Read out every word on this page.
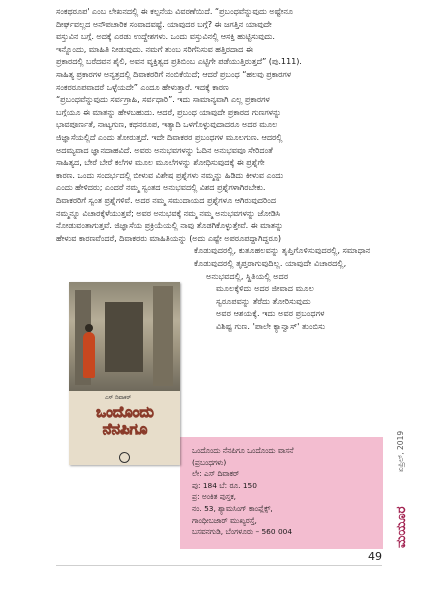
ಸಂಕಥರೂಪ' ಎಂಬ ಲೇಖನದಲ್ಲಿ ಈ ಕಲ್ಪನೆಯ ವಿವರಣೆಯಿದೆ. “ಪ್ರಬಂಧವೆನ್ನುವುದು ಅಷ್ಟೇನೂ
ದೀರ್ಘವಲ್ಲದ ಅನೌಪಚಾರಿಕ ಸಂವಾದವಷ್ಟೆ. ಯಾವುದರ ಬಗ್ಗೆ? ಈ ಜಗತ್ತಿನ ಯಾವುದೇ
ವಸ್ತುವಿನ ಬಗ್ಗೆ. ಅದಕ್ಕೆ ಎರಡು ಉದ್ದೇಶಗಳು. ಒಂದು ವಸ್ತುವಿನಲ್ಲಿ ಆಸಕ್ತಿ ಹುಟ್ಟಿಸುವುದು.
ಇನ್ನೊಂದು, ಮಾಹಿತಿ ನೀಡುವುದು. ನಮಗೆ ತುಂಬ ಸರಿಗೆನಿಸುವ ಹತ್ತಿರದಾದ ಈ
ಪ್ರಕಾರದಲ್ಲಿ ಬರೆದವನ ಶೈಲಿ, ಅವನ ವ್ಯಕ್ತಿತ್ವದ ಪ್ರತಿಬಿಂಬ ಎಟ್ಟಿಗೇ ಪಡೆಯುತ್ತಿರುತ್ತದೆ” (ಪು.111).
ಸಾಹಿತ್ಯ ಪ್ರಕಾರಗಳ ಅನ್ಯತ್ರದಲ್ಲಿ ದಿವಾಕರರಿಗೆ ನಂಬಿಕೆಯಿದೆ; ಆದರೆ ಪ್ರಬಂಧ “ಹಲವು ಪ್ರಕಾರಗಳ
ಸಂಕರರೂಪವಾದರೆ ಒಳ್ಳೆಯದೇ” ಎಂದೂ ಹೇಳುತ್ತಾರೆ. ಇದಕ್ಕೆ ಕಾರಣ
“ಪ್ರಬಂಧವೆನ್ನುವುದು ಸರ್ವಗ್ರಾಹಿ, ಸರ್ವಧಾರಿ”. ಇದು ಸಾಮಾನ್ಯವಾಗಿ ಎಲ್ಲ ಪ್ರಕಾರಗಳ
ಬಗ್ಗೆಯೂ ಈ ಮಾತನ್ನು ಹೇಳಬಹುದು. ಆದರೆ, ಪ್ರಬಂಧ ಯಾವುದೇ ಪ್ರಕಾರದ ಗುಣಗಳನ್ನು
ಭಾವಪೂರ್ಣತೆ, ನಾಟ್ಯಗುಣ, ಕಥನರೂಪ, ಇತ್ಯಾದಿ ಒಳಗೊಳ್ಳುವುದಾದರೂ ಅದರ ಮೂಲ
ಜಿಜ್ಞಾಸೆಯಲ್ಲಿದೆ ಎಂದು ತೋರುತ್ತದೆ. ಇದೇ ದಿವಾಕರರ ಪ್ರಬಂಧಗಳ ಮೂಲಗುಣ. ಆದರಲ್ಲಿ
ಅದಮ್ಯವಾದ ಜ್ಞಾನದಾಹವಿದೆ. ಅವರು ಅನುಭವಗಳನ್ನು ಓದಿನ ಅನುಭವವೂ ಸೇರಿದಂತೆ
ಸಾಹಿತ್ಯದ, ಬೇರೆ ಬೇರೆ ಕಲೆಗಳ ಮೂಲ ಮೂಲೆಗಳನ್ನು ಶೋಧಿಸುವುದಕ್ಕೆ ಈ ಪ್ರಶ್ನೆಗೇ
ಕಾರಣ. ಒಂದು ಸಂದರ್ಭದಲ್ಲಿ ಬೀಳುವ ವಿಶೇಷ ಪ್ರಶ್ನೆಗಳು ನಮ್ಮನ್ನು ಹಿಡಿದು ಕೀಳುವ ಎಂದು
ಎಂದು ಹೇಳಿದರು; ಎಂದರೆ ನಮ್ಮ ಸ್ವಂತದ ಅನುಭವದಲ್ಲಿ ವಿಶದ ಪ್ರಶ್ನೆಗಳಾಗಿರಬೇಕು.
ದಿವಾಕರರಿಗೆ ಸ್ವಂತ ಪ್ರಶ್ನೆಗಳಿವೆ. ಅದರ ನಮ್ಮ ಸಮುದಾಯದ ಪ್ರಶ್ನೆಗಳೂ ಆಗಿರುವುದರಿಂದ
ನಮ್ಮನ್ನೂ ವಿಚಾರಕ್ಕೆಳೆಯುತ್ತವೆ; ಅವರ ಅನುಭವಕ್ಕೆ ನಮ್ಮ ನಮ್ಮ ಅನುಭವಗಳನ್ನು ಜೋಡಿಸಿ
ನೋಡುವಂತಾಗುತ್ತವೆ. ಜಿಜ್ಞಾಸೆಯ ಪ್ರಕ್ರಿಯೆಯಲ್ಲಿ ನಾವು ತೊಡಗಿಕೊಳ್ಳುತ್ತೇವೆ. ಈ ಮಾತನ್ನು
ಹೇಳುವ ಕಾರಣವೆಂದರೆ, ದಿವಾಕರರು ಮಾಹಿತಿಯನ್ನು (ಅದು ಎಷ್ಟೇ ಅಪರೂಪದ್ದಾಗಿದ್ದರೂ)
ಕೊಡುವುದರಲ್ಲಿ, ಕುತೂಹಲವನ್ನು ತೃಪ್ತಿಗೊಳಿಸುವುದರಲ್ಲಿ, ಸಮಾಧಾನ
ಕೊಡುವುದರಲ್ಲಿ ತೃಪ್ತರಾಗುವುದಿಲ್ಲ. ಯಾವುದೇ ವಿಚಾರದಲ್ಲಿ,
ಅನುಭವದಲ್ಲಿ, ಸ್ಥಿತಿಯಲ್ಲಿ ಅದರ
ಮೂಲಕ್ಕೆಳಿದು ಅದರ ಜೀವಾದ ಮೂಲ
ಸ್ವರೂಪವನ್ನು ತೆರೆದು ತೋರಿಸುವುದು
ಅವರ ಆಶಯಕ್ಕೆ. ಇದು ಅವರ ಪ್ರಬಂಧಗಳ
ವಿಶಿಷ್ಟ ಗುಣ. 'ಪಾಲೇ ಕ್ಯಾನ್ವಾಸ್' ತುಂಬಿಸು
ಎಸ್ ದಿವಾಕರ್
ಒಂದೊಂದು
ನೆನಪಿಗೂ
ಒಂದೊಂದು ನೆನಪಿಗೂ ಒಂದೊಂದು ವಾಸನೆ
(ಪ್ರಬಂಧಗಳು)
ಲೇ: ಎಸ್ ದಿವಾಕರ್
ಪು: 184 ಬೆ: ರೂ. 150
ಪ್ರ: ಅಂಕಿತ ಪುಸ್ತಕ,
ನಂ. 53, ಶ್ಯಾಮಸಿಂಗ್ ಕಾಂಪ್ಲೆಕ್ಸ್,
ಗಾಂಧೀಬಜಾರ್ ಮುಖ್ಯರಸ್ತೆ,
ಬಸವನಗುಡಿ, ಬೆಂಗಳೂರು – 560 004
ಏಪ್ರಿಲ್, 2019
ಮಯೂರ
49
